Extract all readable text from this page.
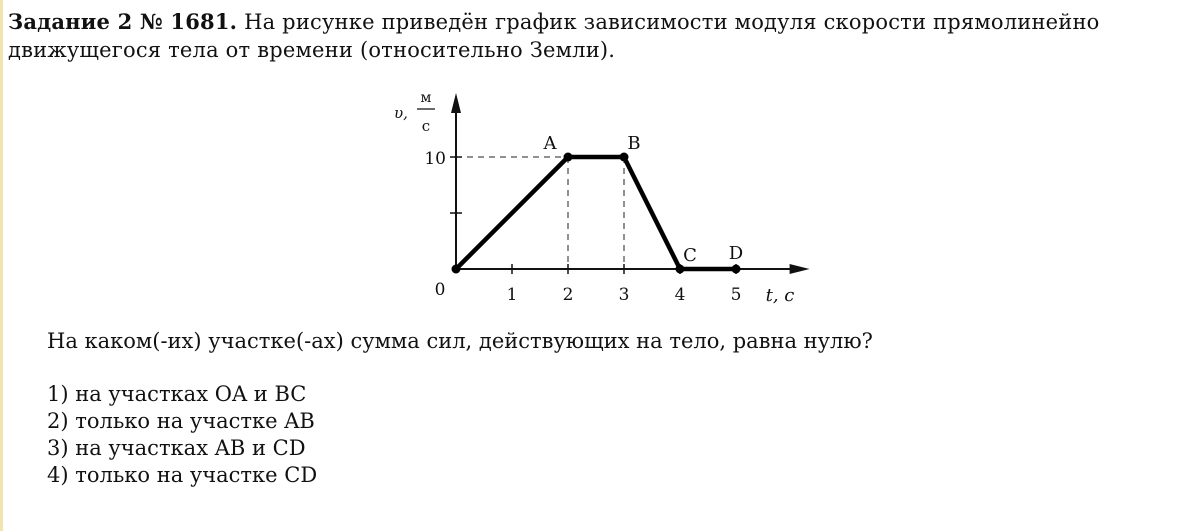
Задание 2 № 1681. На рисунке приведён график зависимости модуля скорости прямолинейно движущегося тела от времени (относительно Земли).
1	2	3	4	5
10
0
A	B
C D
υ,
м
с
t, с
На каком(-их) участке(-ах) сумма сил, действующих на тело, равна нулю?
1) на участках OA и BC
2) только на участке AB
3) на участках AB и CD
4) только на участке CD
